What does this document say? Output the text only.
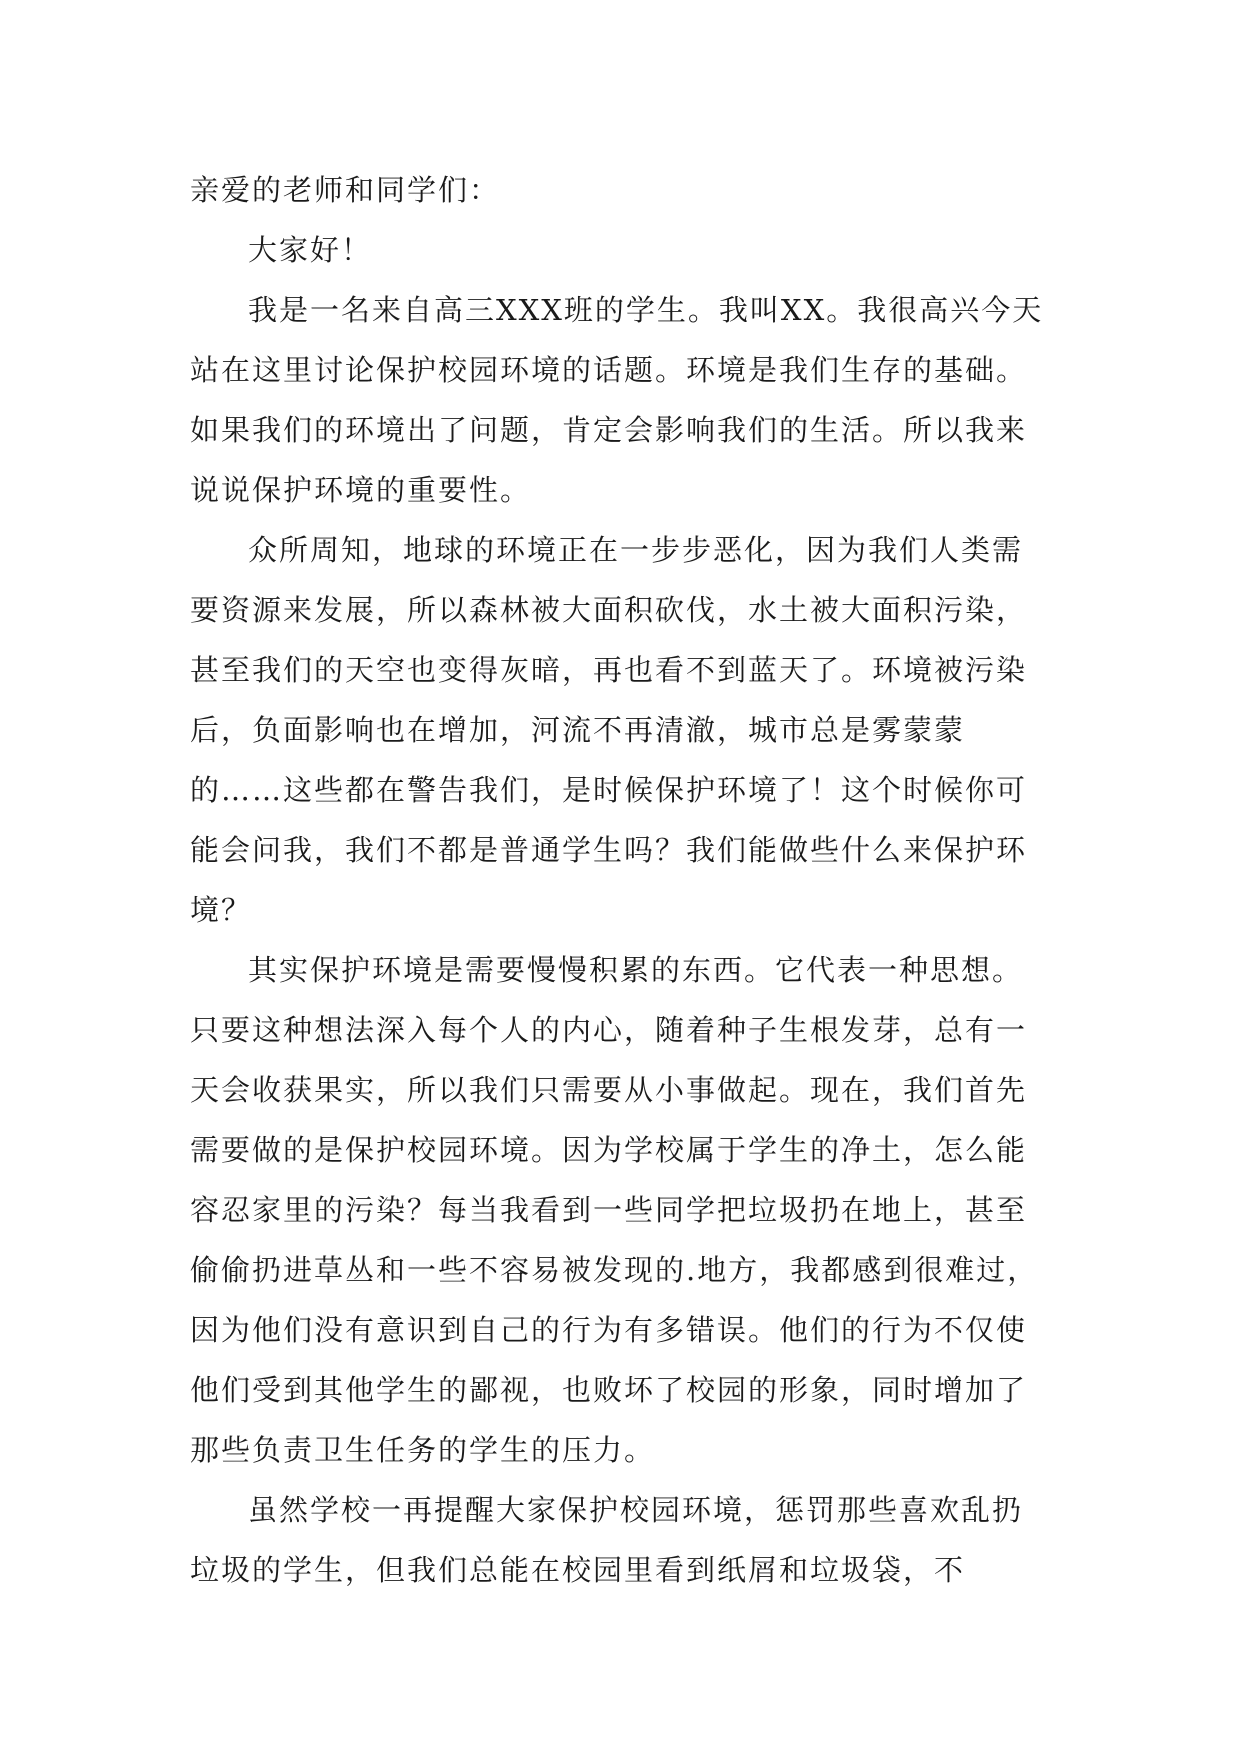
亲爱的老师和同学们：

大家好！

我是一名来自高三XXX班的学生。我叫XX。我很高兴今天站在这里讨论保护校园环境的话题。环境是我们生存的基础。如果我们的环境出了问题，肯定会影响我们的生活。所以我来说说保护环境的重要性。

众所周知，地球的环境正在一步步恶化，因为我们人类需要资源来发展，所以森林被大面积砍伐，水土被大面积污染，甚至我们的天空也变得灰暗，再也看不到蓝天了。环境被污染后，负面影响也在增加，河流不再清澈，城市总是雾蒙蒙的……这些都在警告我们，是时候保护环境了！这个时候你可能会问我，我们不都是普通学生吗？我们能做些什么来保护环境？

其实保护环境是需要慢慢积累的东西。它代表一种思想。只要这种想法深入每个人的内心，随着种子生根发芽，总有一天会收获果实，所以我们只需要从小事做起。现在，我们首先需要做的是保护校园环境。因为学校属于学生的净土，怎么能容忍家里的污染？每当我看到一些同学把垃圾扔在地上，甚至偷偷扔进草丛和一些不容易被发现的.地方，我都感到很难过，因为他们没有意识到自己的行为有多错误。他们的行为不仅使他们受到其他学生的鄙视，也败坏了校园的形象，同时增加了那些负责卫生任务的学生的压力。

虽然学校一再提醒大家保护校园环境，惩罚那些喜欢乱扔垃圾的学生，但我们总能在校园里看到纸屑和垃圾袋，不
